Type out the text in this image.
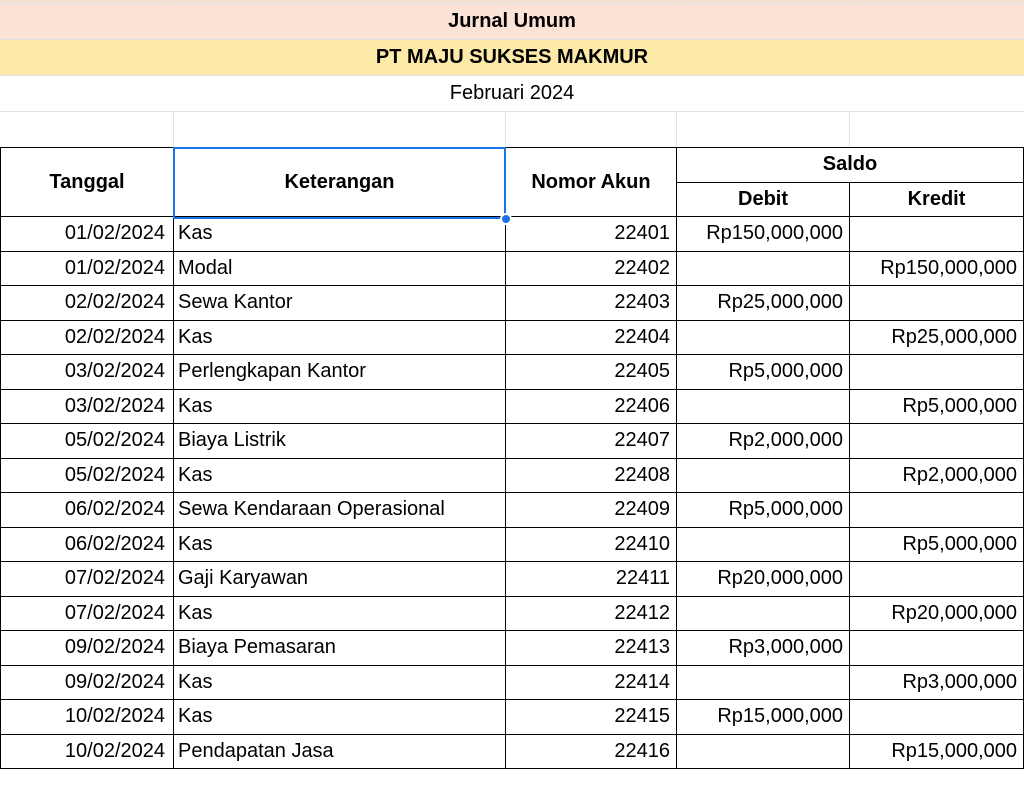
Jurnal Umum
PT MAJU SUKSES MAKMUR
Februari 2024
Tanggal	Keterangan	Nomor Akun	Saldo	
			Debit	Kredit
01/02/2024	Kas	22401	Rp150,000,000	
01/02/2024	Modal	22402		Rp150,000,000
02/02/2024	Sewa Kantor	22403	Rp25,000,000	
02/02/2024	Kas	22404		Rp25,000,000
03/02/2024	Perlengkapan Kantor	22405	Rp5,000,000	
03/02/2024	Kas	22406		Rp5,000,000
05/02/2024	Biaya Listrik	22407	Rp2,000,000	
05/02/2024	Kas	22408		Rp2,000,000
06/02/2024	Sewa Kendaraan Operasional	22409	Rp5,000,000	
06/02/2024	Kas	22410		Rp5,000,000
07/02/2024	Gaji Karyawan	22411	Rp20,000,000	
07/02/2024	Kas	22412		Rp20,000,000
09/02/2024	Biaya Pemasaran	22413	Rp3,000,000	
09/02/2024	Kas	22414		Rp3,000,000
10/02/2024	Kas	22415	Rp15,000,000	
10/02/2024	Pendapatan Jasa	22416		Rp15,000,000
